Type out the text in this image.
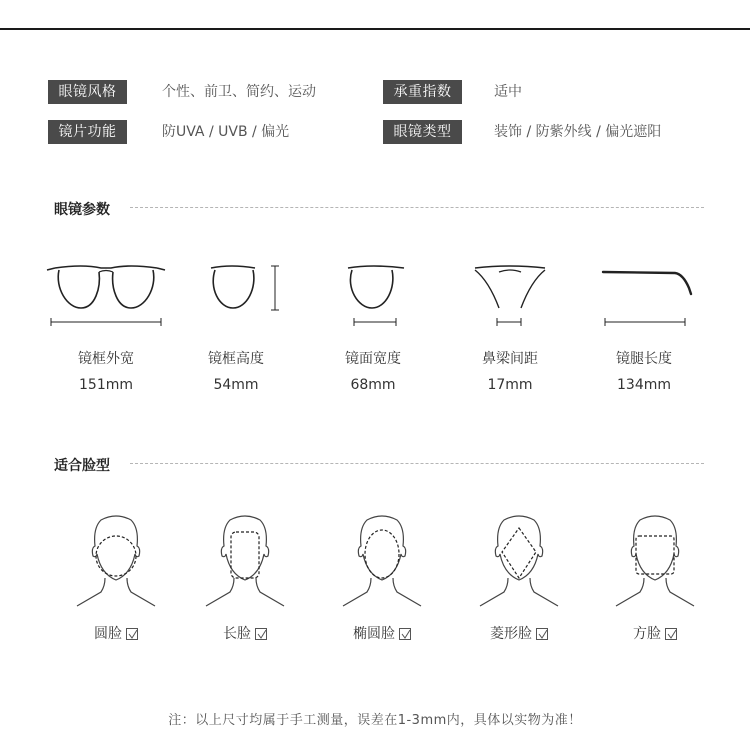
眼镜风格	个性、前卫、简约、运动	承重指数	适中
镜片功能	防UVA / UVB / 偏光	眼镜类型	装饰 / 防紫外线 / 偏光遮阳
眼镜参数
镜框外宽
151mm
镜框高度
54mm
镜面宽度
68mm
鼻梁间距
17mm
镜腿长度
134mm
适合脸型
圆脸	长脸	椭圆脸	菱形脸	方脸
注：以上尺寸均属于手工测量，误差在1-3mm内，具体以实物为准！
